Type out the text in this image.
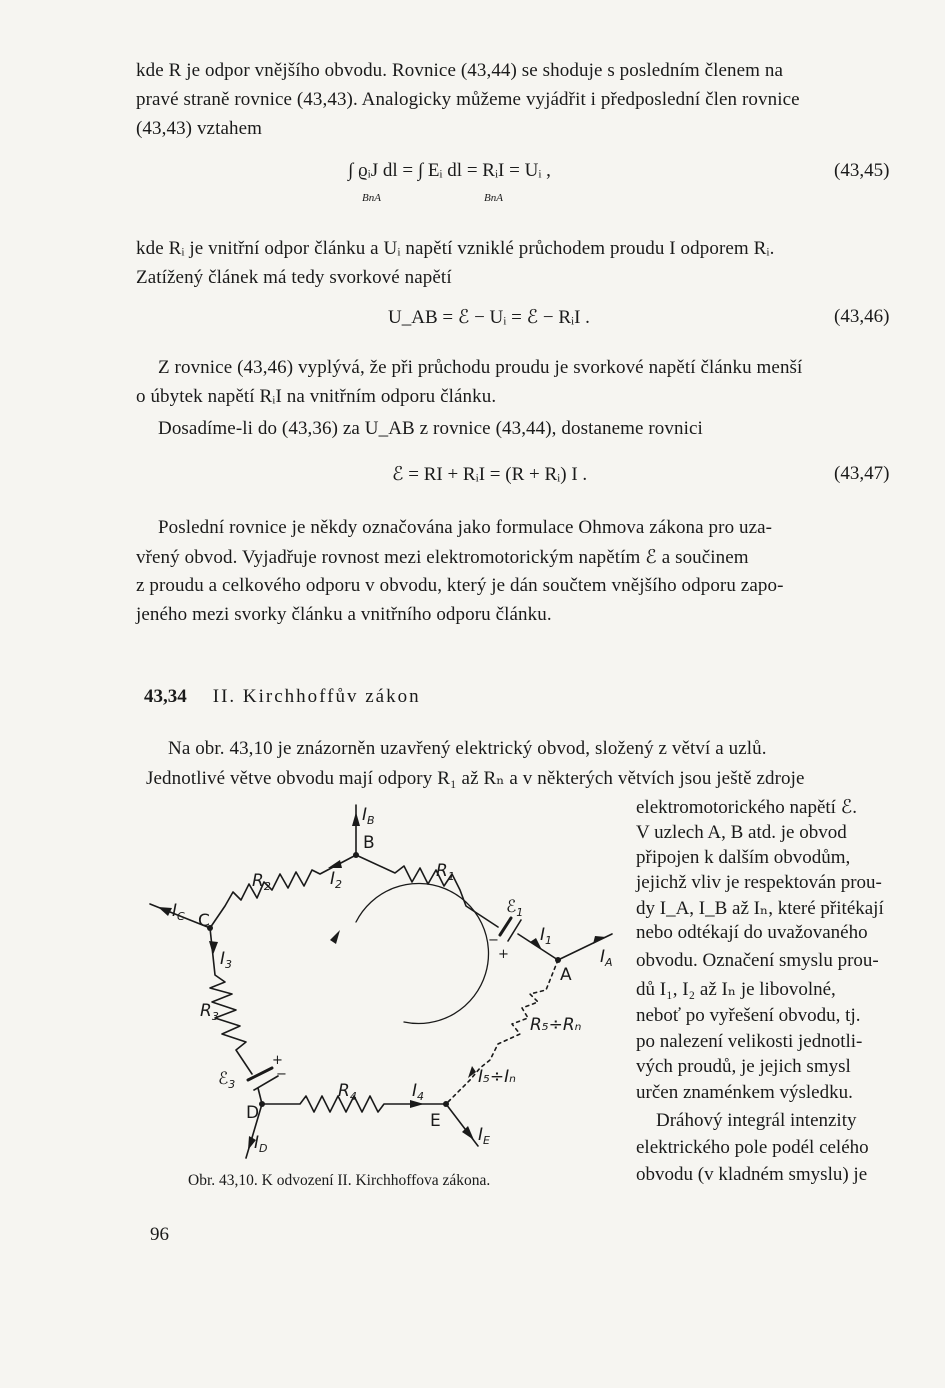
kde R je odpor vnějšího obvodu. Rovnice (43,44) se shoduje s posledním členem na
pravé straně rovnice (43,43). Analogicky můžeme vyjádřit i předposlední člen rovnice
(43,43) vztahem
∫ ϱᵢJ dl = ∫ Eᵢ dl = RᵢI = Uᵢ ,
BnA	BnA
(43,45)
kde Rᵢ je vnitřní odpor článku a Uᵢ napětí vzniklé průchodem proudu I odporem Rᵢ.
Zatížený článek má tedy svorkové napětí
U_AB = ℰ − Uᵢ = ℰ − RᵢI .	(43,46)
Z rovnice (43,46) vyplývá, že při průchodu proudu je svorkové napětí článku menší
o úbytek napětí RᵢI na vnitřním odporu článku.
Dosadíme-li do (43,36) za U_AB z rovnice (43,44), dostaneme rovnici
ℰ = RI + RᵢI = (R + Rᵢ) I .	(43,47)
Poslední rovnice je někdy označována jako formulace Ohmova zákona pro uza-
vřený obvod. Vyjadřuje rovnost mezi elektromotorickým napětím ℰ a součinem
z proudu a celkového odporu v obvodu, který je dán součtem vnějšího odporu zapo-
jeného mezi svorky článku a vnitřního odporu článku.
43,34 II. Kirchhoffův zákon
Na obr. 43,10 je znázorněn uzavřený elektrický obvod, složený z větví a uzlů.
Jednotlivé větve obvodu mají odpory R₁ až Rₙ a v některých větvích jsou ještě zdroje
elektromotorického napětí ℰ.
V uzlech A, B atd. je obvod
připojen k dalším obvodům,
jejichž vliv je respektován prou-
dy I_A, I_B až Iₙ, které přitékají
nebo odtékají do uvažovaného
obvodu. Označení smyslu prou-
dů I₁, I₂ až Iₙ je libovolné,
neboť po vyřešení obvodu, tj.
po nalezení velikosti jednotli-
vých proudů, je jejich smysl
určen znaménkem výsledku.
Dráhový integrál intenzity
elektrického pole podél celého
obvodu (v kladném smyslu) je
$I_B$
B
$I_2$
$R_1$
$R_2$
$I_C$ C
$I_3$
$R_3$
ℰ$_3$
+
−
ℰ$_1$
−
+
$I_1$
A
$I_A$
R₅÷Rₙ
I₅÷Iₙ
D
$I_D$
$R_4$	$I_4$
E
$I_E$
Obr. 43,10. K odvození II. Kirchhoffova zákona.
96
